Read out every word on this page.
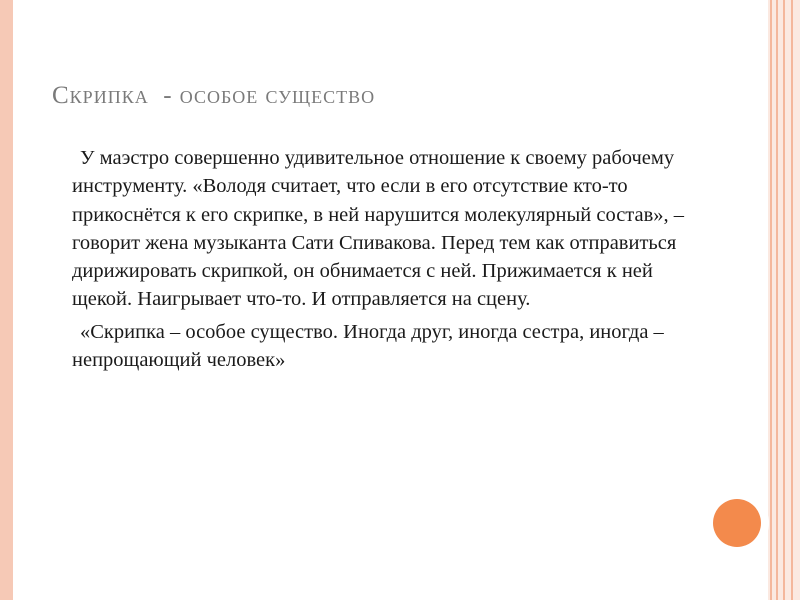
Скрипка  - особое существо

У маэстро совершенно удивительное отношение к своему рабочему инструменту. «Володя считает, что если в его отсутствие кто-то прикоснётся к его скрипке, в ней нарушится молекулярный состав», – говорит жена музыканта Сати Спивакова. Перед тем как отправиться дирижировать скрипкой, он обнимается с ней. Прижимается к ней щекой. Наигрывает что-то. И отправляется на сцену.

«Скрипка – особое существо. Иногда друг, иногда сестра, иногда – непрощающий человек»
